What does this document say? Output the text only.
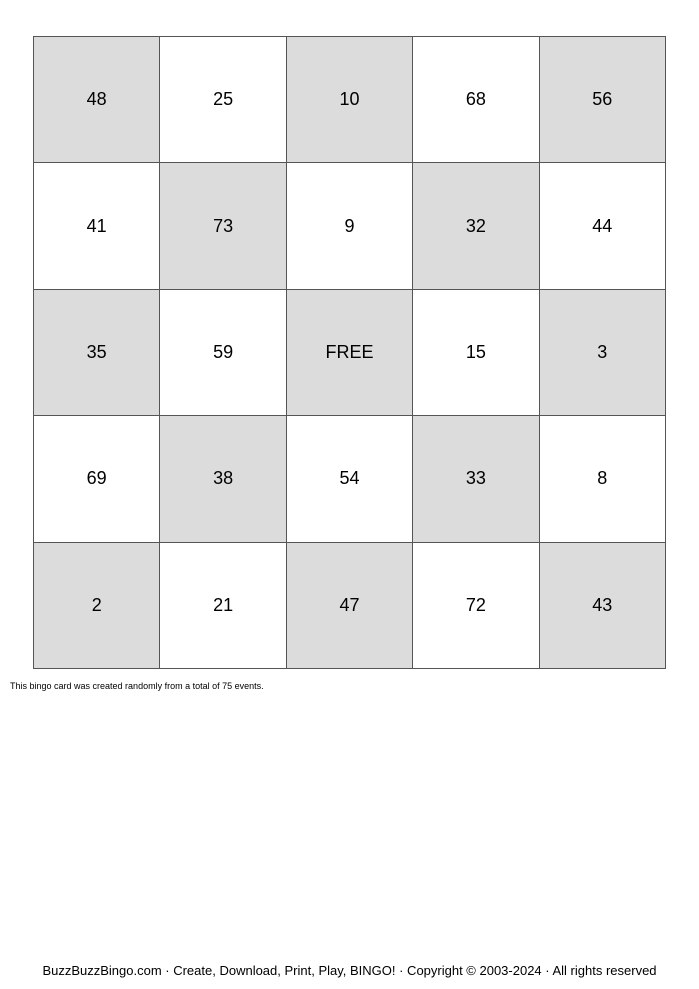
48	25	10	68	56
41	73	9	32	44
35	59	FREE	15	3
69	38	54	33	8
2	21	47	72	43
This bingo card was created randomly from a total of 75 events.
BuzzBuzzBingo.com · Create, Download, Print, Play, BINGO! · Copyright © 2003-2024 · All rights reserved
